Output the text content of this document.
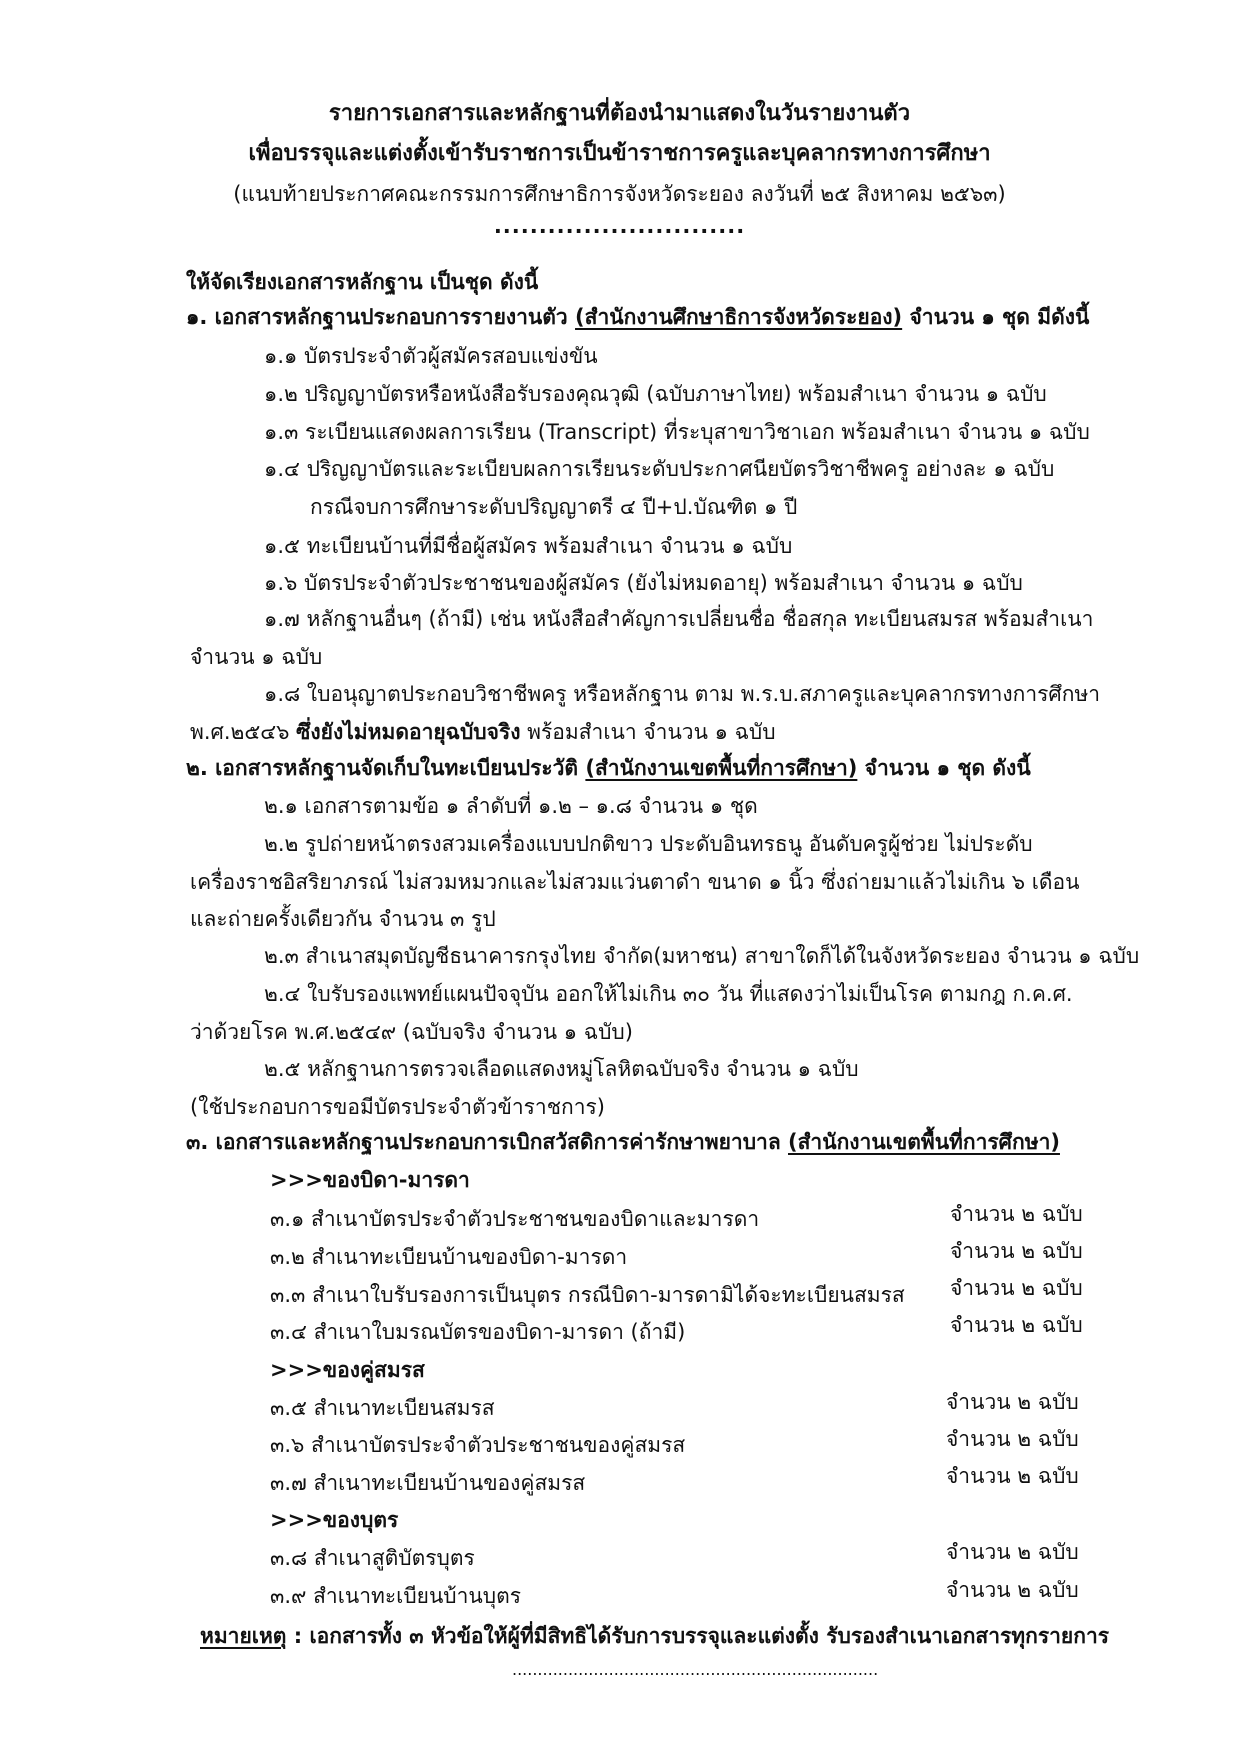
รายการเอกสารและหลักฐานที่ต้องนำมาแสดงในวันรายงานตัว
เพื่อบรรจุและแต่งตั้งเข้ารับราชการเป็นข้าราชการครูและบุคลากรทางการศึกษา
(แนบท้ายประกาศคณะกรรมการศึกษาธิการจังหวัดระยอง ลงวันที่ ๒๕ สิงหาคม ๒๕๖๓)
............................
ให้จัดเรียงเอกสารหลักฐาน เป็นชุด ดังนี้
๑. เอกสารหลักฐานประกอบการรายงานตัว (สำนักงานศึกษาธิการจังหวัดระยอง) จำนวน ๑ ชุด มีดังนี้
๑.๑ บัตรประจำตัวผู้สมัครสอบแข่งขัน
๑.๒ ปริญญาบัตรหรือหนังสือรับรองคุณวุฒิ (ฉบับภาษาไทย) พร้อมสำเนา จำนวน ๑ ฉบับ
๑.๓ ระเบียนแสดงผลการเรียน (Transcript) ที่ระบุสาขาวิชาเอก พร้อมสำเนา จำนวน ๑ ฉบับ
๑.๔ ปริญญาบัตรและระเบียบผลการเรียนระดับประกาศนียบัตรวิชาชีพครู อย่างละ ๑ ฉบับ
กรณีจบการศึกษาระดับปริญญาตรี ๔ ปี+ป.บัณฑิต ๑ ปี
๑.๕ ทะเบียนบ้านที่มีชื่อผู้สมัคร พร้อมสำเนา จำนวน ๑ ฉบับ
๑.๖ บัตรประจำตัวประชาชนของผู้สมัคร (ยังไม่หมดอายุ) พร้อมสำเนา จำนวน ๑ ฉบับ
๑.๗ หลักฐานอื่นๆ (ถ้ามี) เช่น หนังสือสำคัญการเปลี่ยนชื่อ ชื่อสกุล ทะเบียนสมรส พร้อมสำเนา
จำนวน ๑ ฉบับ
๑.๘ ใบอนุญาตประกอบวิชาชีพครู หรือหลักฐาน ตาม พ.ร.บ.สภาครูและบุคลากรทางการศึกษา
พ.ศ.๒๕๔๖ ซึ่งยังไม่หมดอายุฉบับจริง พร้อมสำเนา จำนวน ๑ ฉบับ
๒. เอกสารหลักฐานจัดเก็บในทะเบียนประวัติ (สำนักงานเขตพื้นที่การศึกษา) จำนวน ๑ ชุด ดังนี้
๒.๑ เอกสารตามข้อ ๑ ลำดับที่ ๑.๒ – ๑.๘ จำนวน ๑ ชุด
๒.๒ รูปถ่ายหน้าตรงสวมเครื่องแบบปกติขาว ประดับอินทรธนู อันดับครูผู้ช่วย ไม่ประดับ
เครื่องราชอิสริยาภรณ์ ไม่สวมหมวกและไม่สวมแว่นตาดำ ขนาด ๑ นิ้ว ซึ่งถ่ายมาแล้วไม่เกิน ๖ เดือน
และถ่ายครั้งเดียวกัน จำนวน ๓ รูป
๒.๓ สำเนาสมุดบัญชีธนาคารกรุงไทย จำกัด(มหาชน) สาขาใดก็ได้ในจังหวัดระยอง จำนวน ๑ ฉบับ
๒.๔ ใบรับรองแพทย์แผนปัจจุบัน ออกให้ไม่เกิน ๓๐ วัน ที่แสดงว่าไม่เป็นโรค ตามกฎ ก.ค.ศ.
ว่าด้วยโรค พ.ศ.๒๕๔๙ (ฉบับจริง จำนวน ๑ ฉบับ)
๒.๕ หลักฐานการตรวจเลือดแสดงหมู่โลหิตฉบับจริง จำนวน ๑ ฉบับ
(ใช้ประกอบการขอมีบัตรประจำตัวข้าราชการ)
๓. เอกสารและหลักฐานประกอบการเบิกสวัสดิการค่ารักษาพยาบาล (สำนักงานเขตพื้นที่การศึกษา)
>>>ของบิดา-มารดา
๓.๑ สำเนาบัตรประจำตัวประชาชนของบิดาและมารดา	จำนวน ๒ ฉบับ
๓.๒ สำเนาทะเบียนบ้านของบิดา-มารดา	จำนวน ๒ ฉบับ
๓.๓ สำเนาใบรับรองการเป็นบุตร กรณีบิดา-มารดามิได้จะทะเบียนสมรส จำนวน ๒ ฉบับ
๓.๔ สำเนาใบมรณบัตรของบิดา-มารดา (ถ้ามี)	จำนวน ๒ ฉบับ
>>>ของคู่สมรส
๓.๕ สำเนาทะเบียนสมรส	จำนวน ๒ ฉบับ
๓.๖ สำเนาบัตรประจำตัวประชาชนของคู่สมรส	จำนวน ๒ ฉบับ
๓.๗ สำเนาทะเบียนบ้านของคู่สมรส	จำนวน ๒ ฉบับ
>>>ของบุตร
๓.๘ สำเนาสูติบัตรบุตร	จำนวน ๒ ฉบับ
๓.๙ สำเนาทะเบียนบ้านบุตร	จำนวน ๒ ฉบับ
หมายเหตุ : เอกสารทั้ง ๓ หัวข้อให้ผู้ที่มีสิทธิได้รับการบรรจุและแต่งตั้ง รับรองสำเนาเอกสารทุกรายการ
........................................................................
